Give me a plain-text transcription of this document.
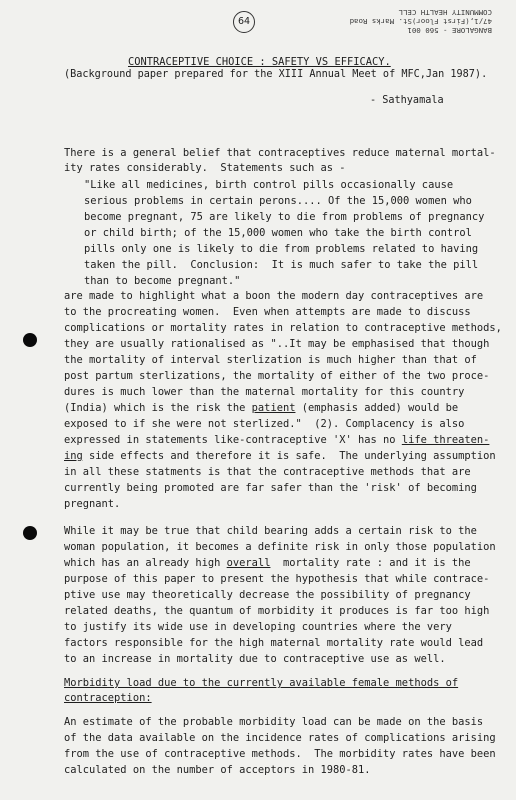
64
BANGALORE - 560 001
47/1,(First Floor)St. Marks Road
COMMUNITY HEALTH CELL
CONTRACEPTIVE CHOICE : SAFETY VS EFFICACY.
(Background paper prepared for the XIII Annual Meet of MFC,Jan 1987).
- Sathyamala
There is a general belief that contraceptives reduce maternal mortal-
ity rates considerably.  Statements such as -
"Like all medicines, birth control pills occasionally cause
serious problems in certain perons.... Of the 15,000 women who
become pregnant, 75 are likely to die from problems of pregnancy
or child birth; of the 15,000 women who take the birth control
pills only one is likely to die from problems related to having
taken the pill.  Conclusion:  It is much safer to take the pill
than to become pregnant."
are made to highlight what a boon the modern day contraceptives are
to the procreating women.  Even when attempts are made to discuss
complications or mortality rates in relation to contraceptive methods,
they are usually rationalised as "..It may be emphasised that though
the mortality of interval sterlization is much higher than that of
post partum sterlizations, the mortality of either of the two proce-
dures is much lower than the maternal mortality for this country
(India) which is the risk the patient (emphasis added) would be
exposed to if she were not sterlized."  (2). Complacency is also
expressed in statements like-contraceptive 'X' has no life threaten-
ing side effects and therefore it is safe.  The underlying assumption
in all these statments is that the contraceptive methods that are
currently being promoted are far safer than the 'risk' of becoming
pregnant.
While it may be true that child bearing adds a certain risk to the
woman population, it becomes a definite risk in only those population
which has an already high overall  mortality rate : and it is the
purpose of this paper to present the hypothesis that while contrace-
ptive use may theoretically decrease the possibility of pregnancy
related deaths, the quantum of morbidity it produces is far too high
to justify its wide use in developing countries where the very
factors responsible for the high maternal mortality rate would lead
to an increase in mortality due to contraceptive use as well.
Morbidity load due to the currently available female methods of
contraception:
An estimate of the probable morbidity load can be made on the basis
of the data available on the incidence rates of complications arising
from the use of contraceptive methods.  The morbidity rates have been
calculated on the number of acceptors in 1980-81.
